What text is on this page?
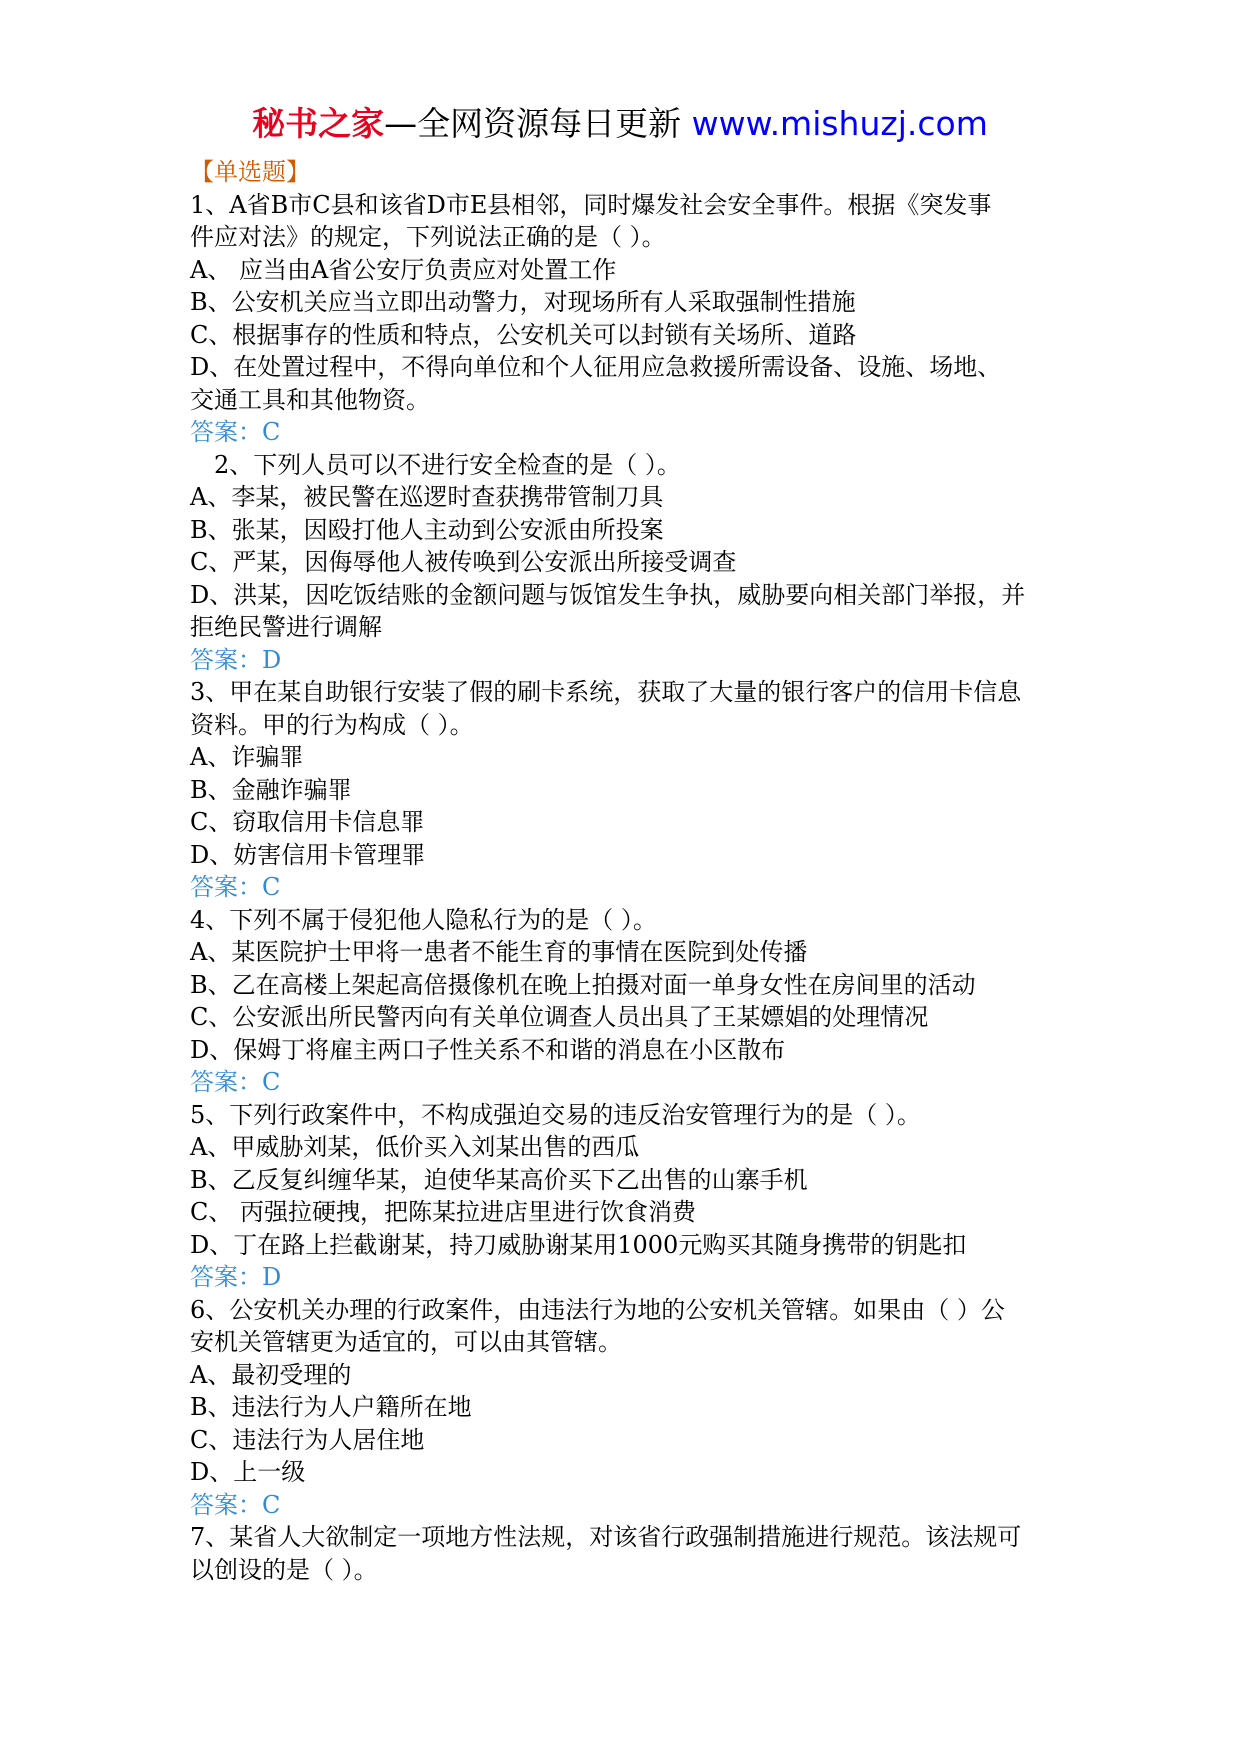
秘书之家—全网资源每日更新 www.mishuzj.com
【单选题】
1、A省B市C县和该省D市E县相邻，同时爆发社会安全事件。根据《突发事
件应对法》的规定，下列说法正确的是（ ）。
A、 应当由A省公安厅负责应对处置工作
B、公安机关应当立即出动警力，对现场所有人采取强制性措施
C、根据事存的性质和特点，公安机关可以封锁有关场所、道路
D、在处置过程中，不得向单位和个人征用应急救援所需设备、设施、场地、
交通工具和其他物资。
答案：C
2、下列人员可以不进行安全检查的是（ ）。
A、李某，被民警在巡逻时查获携带管制刀具
B、张某，因殴打他人主动到公安派由所投案
C、严某，因侮辱他人被传唤到公安派出所接受调查
D、洪某，因吃饭结账的金额问题与饭馆发生争执，威胁要向相关部门举报，并
拒绝民警进行调解
答案：D
3、甲在某自助银行安装了假的刷卡系统，获取了大量的银行客户的信用卡信息
资料。甲的行为构成（ ）。
A、诈骗罪
B、金融诈骗罪
C、窃取信用卡信息罪
D、妨害信用卡管理罪
答案：C
4、下列不属于侵犯他人隐私行为的是（ ）。
A、某医院护士甲将一患者不能生育的事情在医院到处传播
B、乙在高楼上架起高倍摄像机在晚上拍摄对面一单身女性在房间里的活动
C、公安派出所民警丙向有关单位调查人员出具了王某嫖娼的处理情况
D、保姆丁将雇主两口子性关系不和谐的消息在小区散布
答案：C
5、下列行政案件中，不构成强迫交易的违反治安管理行为的是（ ）。
A、甲威胁刘某，低价买入刘某出售的西瓜
B、乙反复纠缠华某，迫使华某高价买下乙出售的山寨手机
C、 丙强拉硬拽，把陈某拉进店里进行饮食消费
D、丁在路上拦截谢某，持刀威胁谢某用1000元购买其随身携带的钥匙扣
答案：D
6、公安机关办理的行政案件，由违法行为地的公安机关管辖。如果由（ ）公
安机关管辖更为适宜的，可以由其管辖。
A、最初受理的
B、违法行为人户籍所在地
C、违法行为人居住地
D、上一级
答案：C
7、某省人大欲制定一项地方性法规，对该省行政强制措施进行规范。该法规可
以创设的是（ ）。
